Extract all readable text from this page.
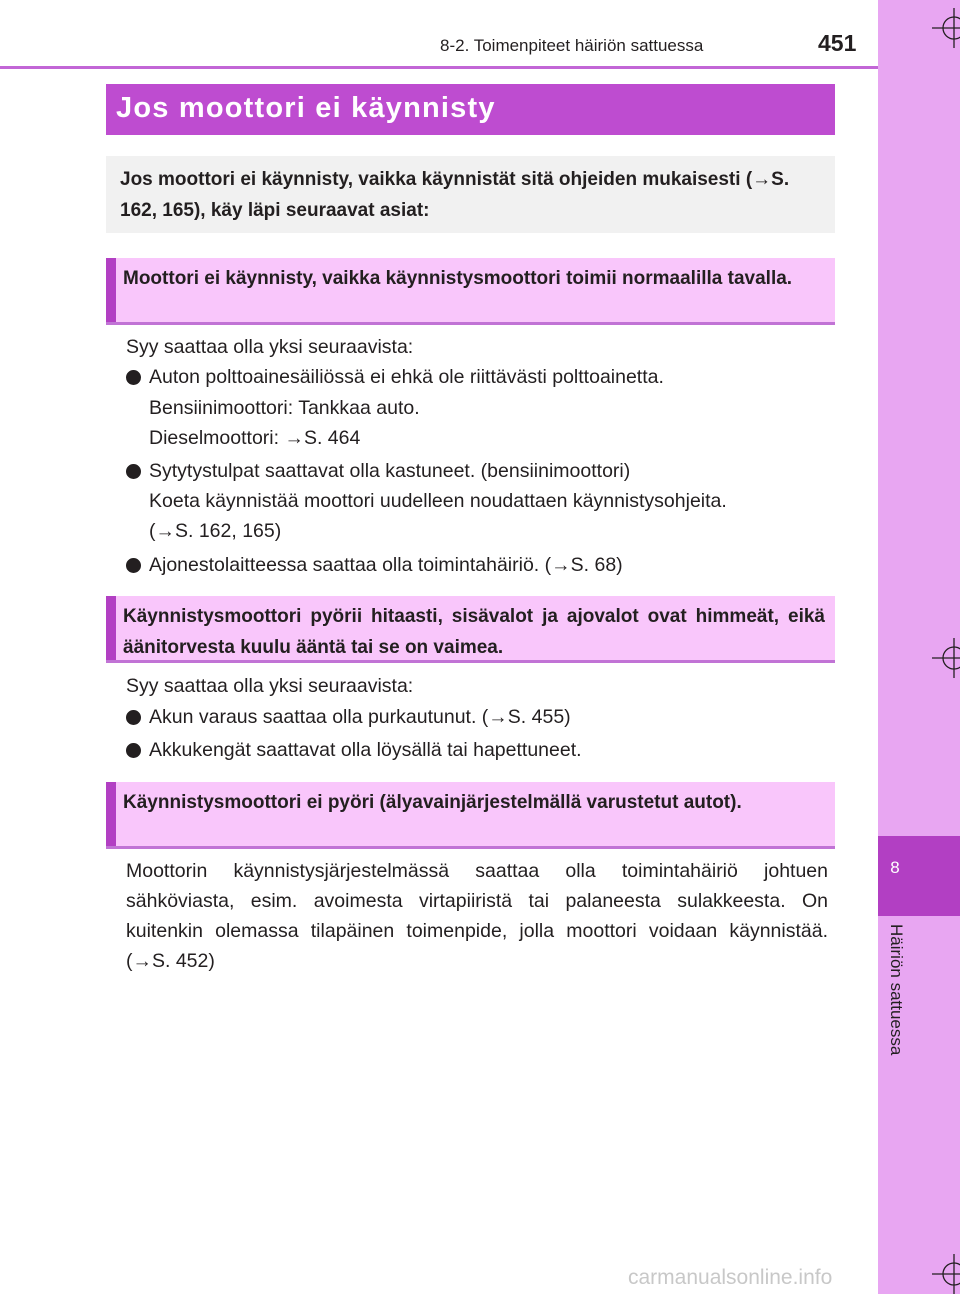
8
Häiriön sattuessa
8-2. Toimenpiteet häiriön sattuessa	451
Jos moottori ei käynnisty
Jos moottori ei käynnisty, vaikka käynnistät sitä ohjeiden mukaisesti (→S. 162, 165), käy läpi seuraavat asiat:
Moottori ei käynnisty, vaikka käynnistysmoottori toimii normaalilla tavalla.
Syy saattaa olla yksi seuraavista:
Auton polttoainesäiliössä ei ehkä ole riittävästi polttoainetta.
Bensiinimoottori: Tankkaa auto.
Dieselmoottori: →S. 464
Sytytystulpat saattavat olla kastuneet. (bensiinimoottori)
Koeta käynnistää moottori uudelleen noudattaen käynnistysohjeita.
(→S. 162, 165)
Ajonestolaitteessa saattaa olla toimintahäiriö. (→S. 68)
Käynnistysmoottori pyörii hitaasti, sisävalot ja ajovalot ovat himmeät, eikä äänitorvesta kuulu ääntä tai se on vaimea.
Syy saattaa olla yksi seuraavista:
Akun varaus saattaa olla purkautunut. (→S. 455)
Akkukengät saattavat olla löysällä tai hapettuneet.
Käynnistysmoottori ei pyöri (älyavainjärjestelmällä varustetut autot).
Moottorin käynnistysjärjestelmässä saattaa olla toimintahäiriö johtuen sähköviasta, esim. avoimesta virtapiiristä tai palaneesta sulakkeesta. On kuitenkin olemassa tilapäinen toimenpide, jolla moottori voidaan käynnistää. (→S. 452)
carmanualsonline.info
